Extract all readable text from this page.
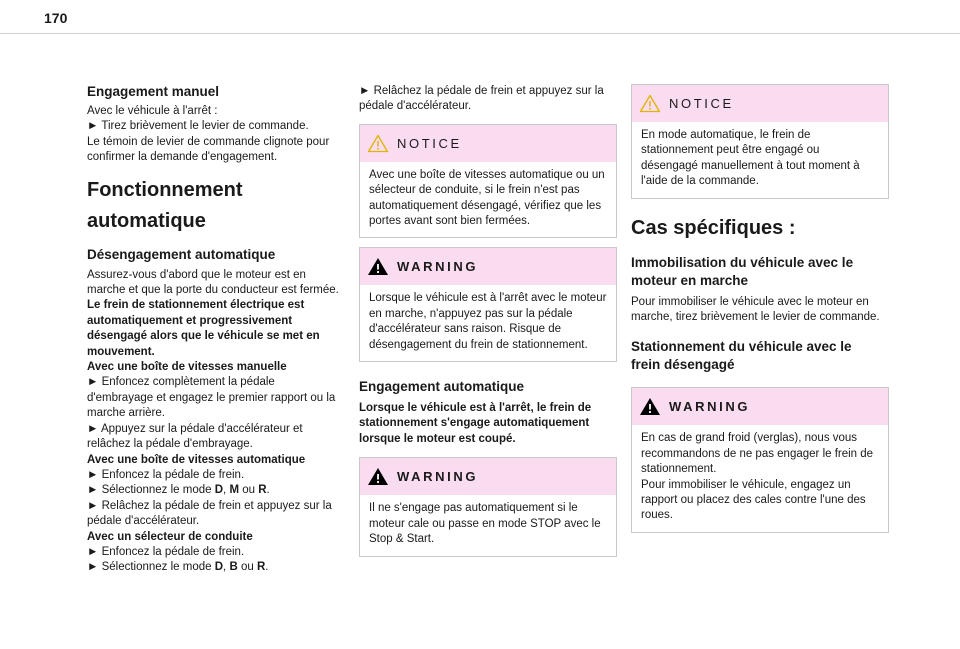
170
Engagement manuel

Avec le véhicule à l'arrêt :

► Tirez brièvement le levier de commande.

Le témoin de levier de commande clignote pour confirmer la demande d'engagement.

Fonctionnement
automatique
Désengagement automatique

Assurez-vous d'abord que le moteur est en marche et que la porte du conducteur est fermée.

Le frein de stationnement électrique est automatiquement et progressivement désengagé alors que le véhicule se met en mouvement.

Avec une boîte de vitesses manuelle

► Enfoncez complètement la pédale d'embrayage et engagez le premier rapport ou la marche arrière.

► Appuyez sur la pédale d'accélérateur et relâchez la pédale d'embrayage.

Avec une boîte de vitesses automatique

► Enfoncez la pédale de frein.

► Sélectionnez le mode D, M ou R.

► Relâchez la pédale de frein et appuyez sur la pédale d'accélérateur.

Avec un sélecteur de conduite

► Enfoncez la pédale de frein.

► Sélectionnez le mode D, B ou R.

► Relâchez la pédale de frein et appuyez sur la pédale d'accélérateur.

NOTICE

Avec une boîte de vitesses automatique ou un sélecteur de conduite, si le frein n'est pas automatiquement désengagé, vérifiez que les portes avant sont bien fermées.

WARNING

Lorsque le véhicule est à l'arrêt avec le moteur en marche, n'appuyez pas sur la pédale d'accélérateur sans raison. Risque de désengagement du frein de stationnement.

Engagement automatique

Lorsque le véhicule est à l'arrêt, le frein de stationnement s'engage automatiquement lorsque le moteur est coupé.

WARNING

Il ne s'engage pas automatiquement si le moteur cale ou passe en mode STOP avec le Stop & Start.

NOTICE

En mode automatique, le frein de stationnement peut être engagé ou désengagé manuellement à tout moment à l'aide de la commande.

Cas spécifiques :
Immobilisation du véhicule avec le
moteur en marche

Pour immobiliser le véhicule avec le moteur en marche, tirez brièvement le levier de commande.

Stationnement du véhicule avec le
frein désengagé
WARNING

En cas de grand froid (verglas), nous vous recommandons de ne pas engager le frein de stationnement.

Pour immobiliser le véhicule, engagez un rapport ou placez des cales contre l'une des roues.
